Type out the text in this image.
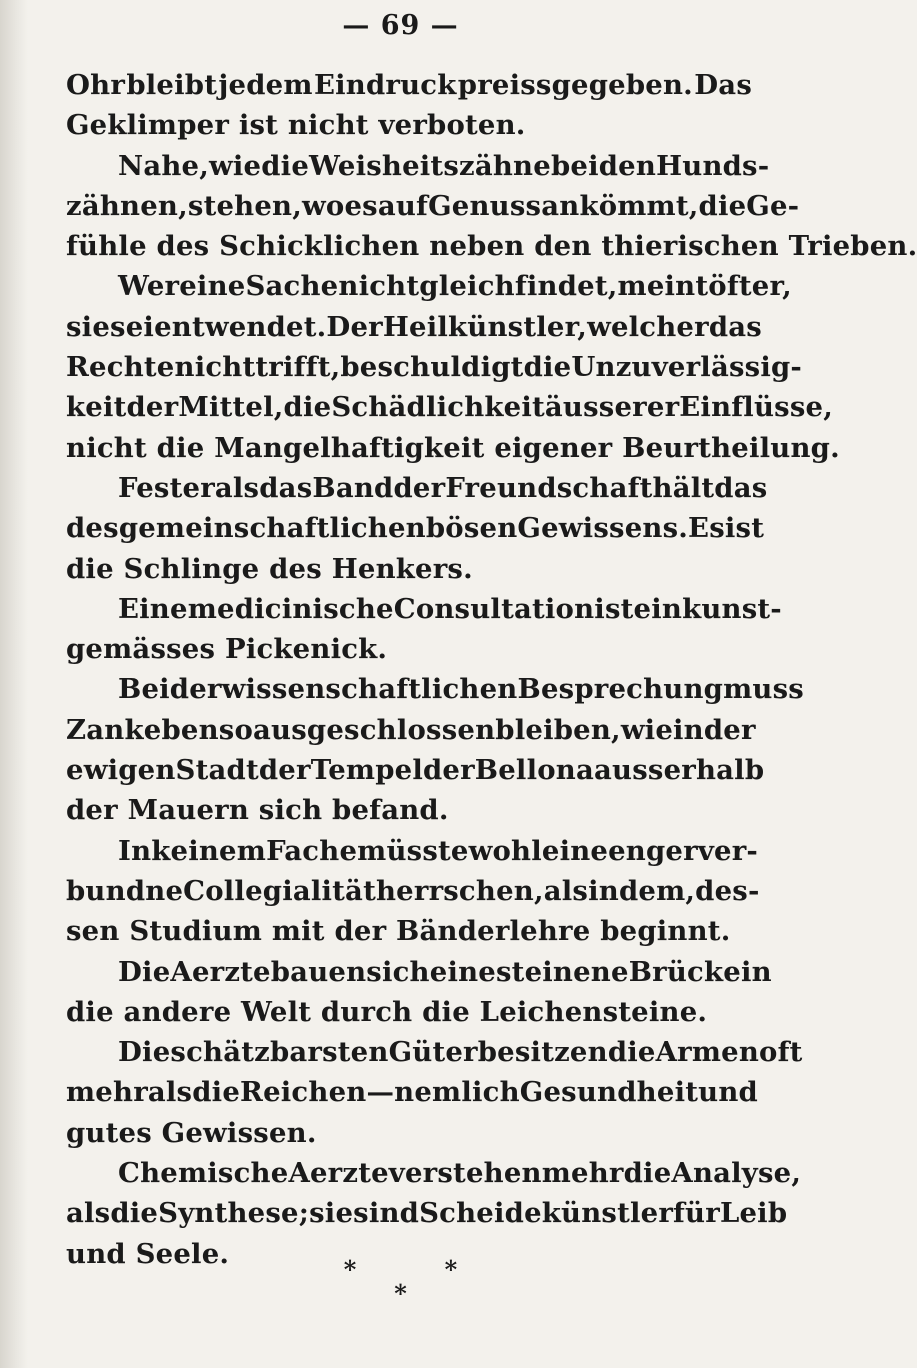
— 69 —
Ohr bleibt jedem Eindruck preissgegeben. Das
Geklimper ist nicht verboten.
Nahe, wie die Weisheitszähne bei den Hunds-
zähnen, stehen, wo es auf Genuss ankömmt, die Ge-
fühle des Schicklichen neben den thierischen Trieben.
Wer eine Sache nicht gleich findet, meint öfter,
sie sei entwendet. Der Heilkünstler, welcher das
Rechte nicht trifft, beschuldigt die Unzuverlässig-
keit der Mittel, die Schädlichkeit äusserer Einflüsse,
nicht die Mangelhaftigkeit eigener Beurtheilung.
Fester als das Band der Freundschaft hält das
des gemeinschaftlichen bösen Gewissens. Es ist
die Schlinge des Henkers.
Eine medicinische Consultation ist ein kunst-
gemässes Pickenick.
Bei der wissenschaftlichen Besprechung muss
Zank ebenso ausgeschlossen bleiben, wie in der
ewigen Stadt der Tempel der Bellona ausserhalb
der Mauern sich befand.
In keinem Fache müsste wohl eine enger ver-
bundne Collegialität herrschen, als in dem, des-
sen Studium mit der Bänderlehre beginnt.
Die Aerzte bauen sich eine steinene Brücke in
die andere Welt durch die Leichensteine.
Die schätzbarsten Güter besitzen die Armen oft
mehr als die Reichen — nemlich Gesundheit und
gutes Gewissen.
Chemische Aerzte verstehen mehr die Analyse,
als die Synthese; sie sind Scheidekünstler für Leib
und Seele.	*	*
*
